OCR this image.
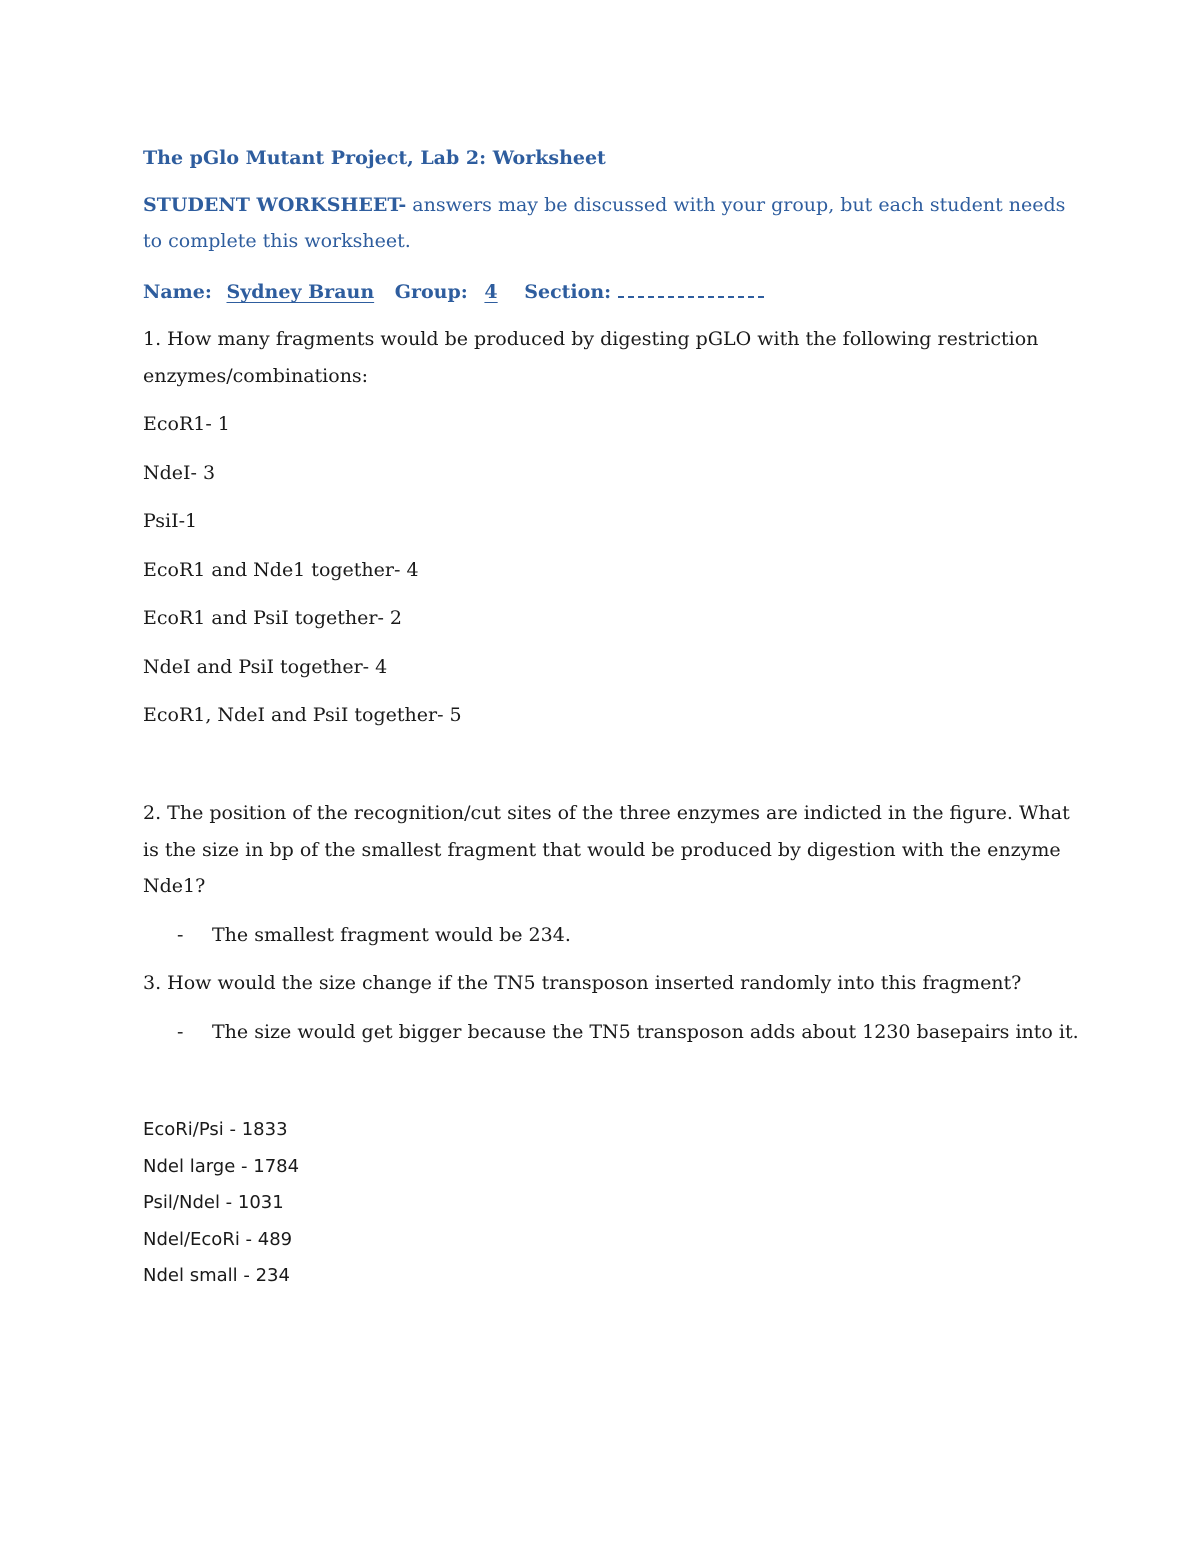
The pGlo Mutant Project, Lab 2: Worksheet
STUDENT WORKSHEET- answers may be discussed with your group, but each student needs
to complete this worksheet.
Name: Sydney Braun Group: 4 Section:
1. How many fragments would be produced by digesting pGLO with the following restriction
enzymes/combinations:
EcoR1- 1
NdeI- 3
PsiI-1
EcoR1 and Nde1 together- 4
EcoR1 and PsiI together- 2
NdeI and PsiI together- 4
EcoR1, NdeI and PsiI together- 5
2. The position of the recognition/cut sites of the three enzymes are indicted in the figure. What
is the size in bp of the smallest fragment that would be produced by digestion with the enzyme
Nde1?
- The smallest fragment would be 234.
3. How would the size change if the TN5 transposon inserted randomly into this fragment?
- The size would get bigger because the TN5 transposon adds about 1230 basepairs into it.
EcoRi/Psi - 1833
Ndel large - 1784
Psil/Ndel - 1031
Ndel/EcoRi - 489
Ndel small - 234
